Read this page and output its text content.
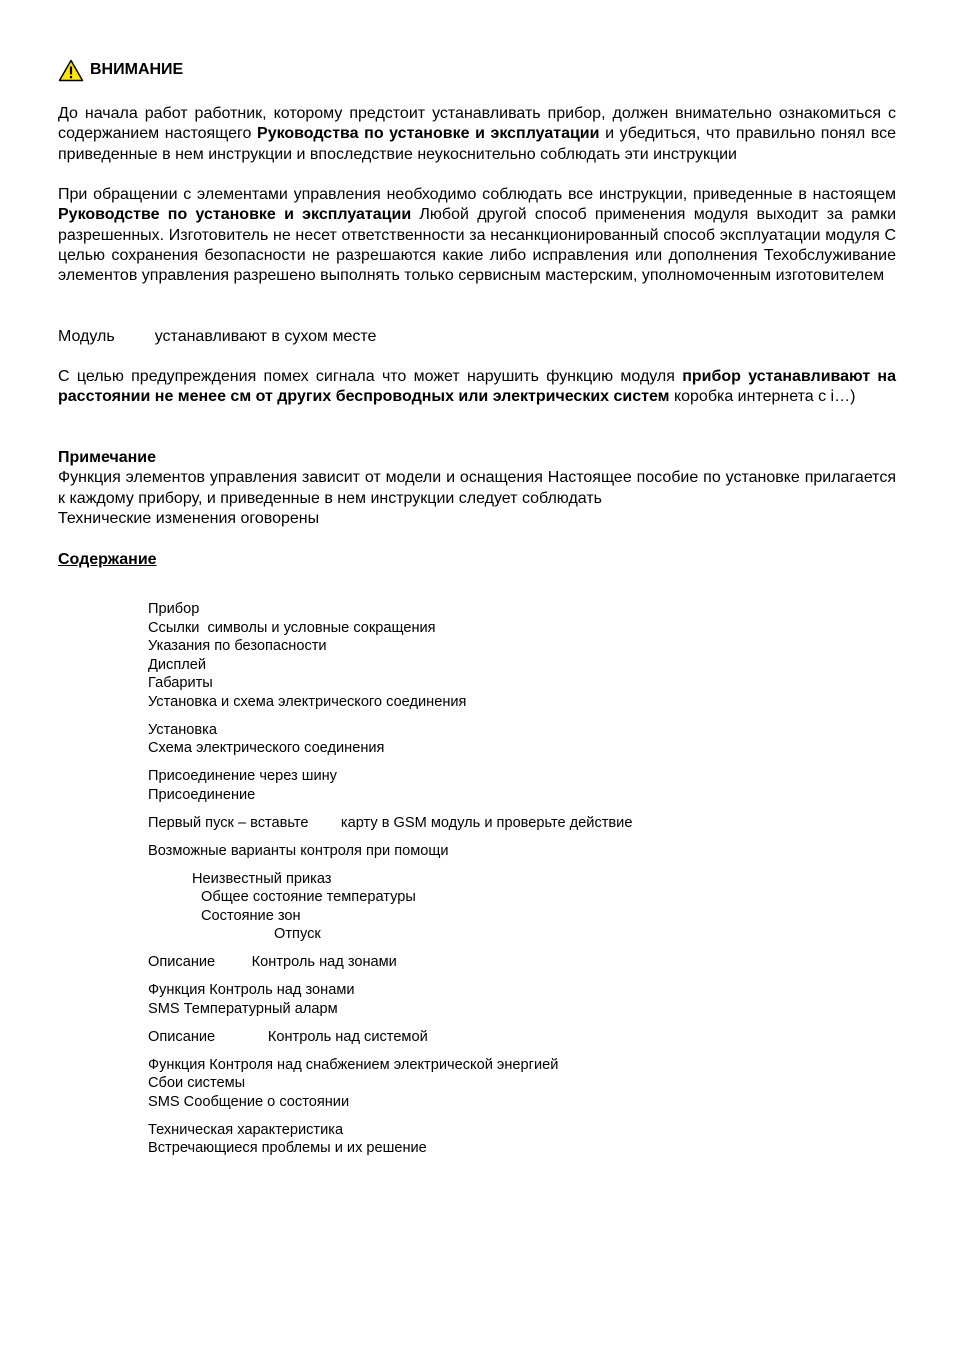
ВНИМАНИЕ

До начала работ работник, которому предстоит устанавливать прибор, должен внимательно ознакомиться с содержанием настоящего Руководства по установке и эксплуатации и убедиться, что правильно понял все приведенные в нем инструкции и впоследствие неукоснительно соблюдать эти инструкции

При обращении с элементами управления необходимо соблюдать все инструкции, приведенные в настоящем Руководстве по установке и эксплуатации Любой другой способ применения модуля выходит за рамки разрешенных. Изготовитель не несет ответственности за несанкционированный способ эксплуатации модуля С целью сохранения безопасности не разрешаются какие либо исправления или дополнения Техобслуживание элементов управления разрешено выполнять только сервисным мастерским, уполномоченным изготовителем

Модуль         устанавливают в сухом месте

С целью предупреждения помех сигнала что может нарушить функцию модуля прибор устанавливают на расстоянии не менее см от других беспроводных или электрических систем коробка интернета с i…)

Примечание
Функция элементов управления зависит от модели и оснащения Настоящее пособие по установке прилагается к каждому прибору, и приведенные в нем инструкции следует соблюдать
Технические изменения оговорены
Содержание
Прибор
Ссылки  символы и условные сокращения
Указания по безопасности
Дисплей
Габариты
Установка и схема электрического соединения
Установка
Схема электрического соединения
Присоединение через шину
Присоединение
Первый пуск – вставьте        карту в GSM модуль и проверьте действие
Возможные варианты контроля при помощи
Неизвестный приказ
Общее состояние температуры
Состояние зон
Отпуск
Описание         Контроль над зонами
Функция Контроль над зонами
SMS Температурный аларм
Описание             Контроль над системой
Функция Контроля над снабжением электрической энергией
Сбои системы
SMS Сообщение о состоянии
Техническая характеристика
Встречающиеся проблемы и их решение
